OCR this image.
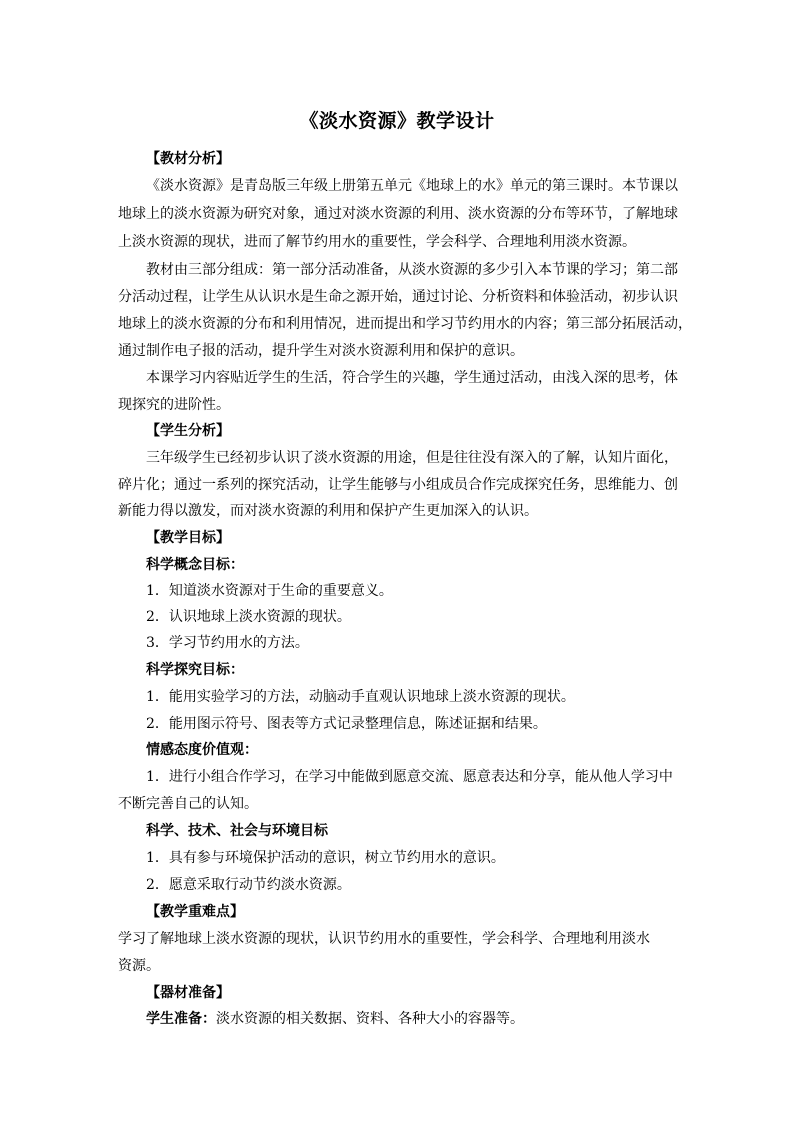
《淡水资源》教学设计
【教材分析】
《淡水资源》是青岛版三年级上册第五单元《地球上的水》单元的第三课时。本节课以
地球上的淡水资源为研究对象，通过对淡水资源的利用、淡水资源的分布等环节，了解地球
上淡水资源的现状，进而了解节约用水的重要性，学会科学、合理地利用淡水资源。
教材由三部分组成：第一部分活动准备，从淡水资源的多少引入本节课的学习；第二部
分活动过程，让学生从认识水是生命之源开始，通过讨论、分析资料和体验活动，初步认识
地球上的淡水资源的分布和利用情况，进而提出和学习节约用水的内容；第三部分拓展活动，
通过制作电子报的活动，提升学生对淡水资源利用和保护的意识。
本课学习内容贴近学生的生活，符合学生的兴趣，学生通过活动，由浅入深的思考，体
现探究的进阶性。
【学生分析】
三年级学生已经初步认识了淡水资源的用途，但是往往没有深入的了解，认知片面化，
碎片化；通过一系列的探究活动，让学生能够与小组成员合作完成探究任务，思维能力、创
新能力得以激发，而对淡水资源的利用和保护产生更加深入的认识。
【教学目标】
科学概念目标：
1．知道淡水资源对于生命的重要意义。
2．认识地球上淡水资源的现状。
3．学习节约用水的方法。
科学探究目标：
1．能用实验学习的方法，动脑动手直观认识地球上淡水资源的现状。
2．能用图示符号、图表等方式记录整理信息，陈述证据和结果。
情感态度价值观：
1．进行小组合作学习，在学习中能做到愿意交流、愿意表达和分享，能从他人学习中
不断完善自己的认知。
科学、技术、社会与环境目标
1．具有参与环境保护活动的意识，树立节约用水的意识。
2．愿意采取行动节约淡水资源。
【教学重难点】
学习了解地球上淡水资源的现状，认识节约用水的重要性，学会科学、合理地利用淡水
资源。
【器材准备】
学生准备：淡水资源的相关数据、资料、各种大小的容器等。
